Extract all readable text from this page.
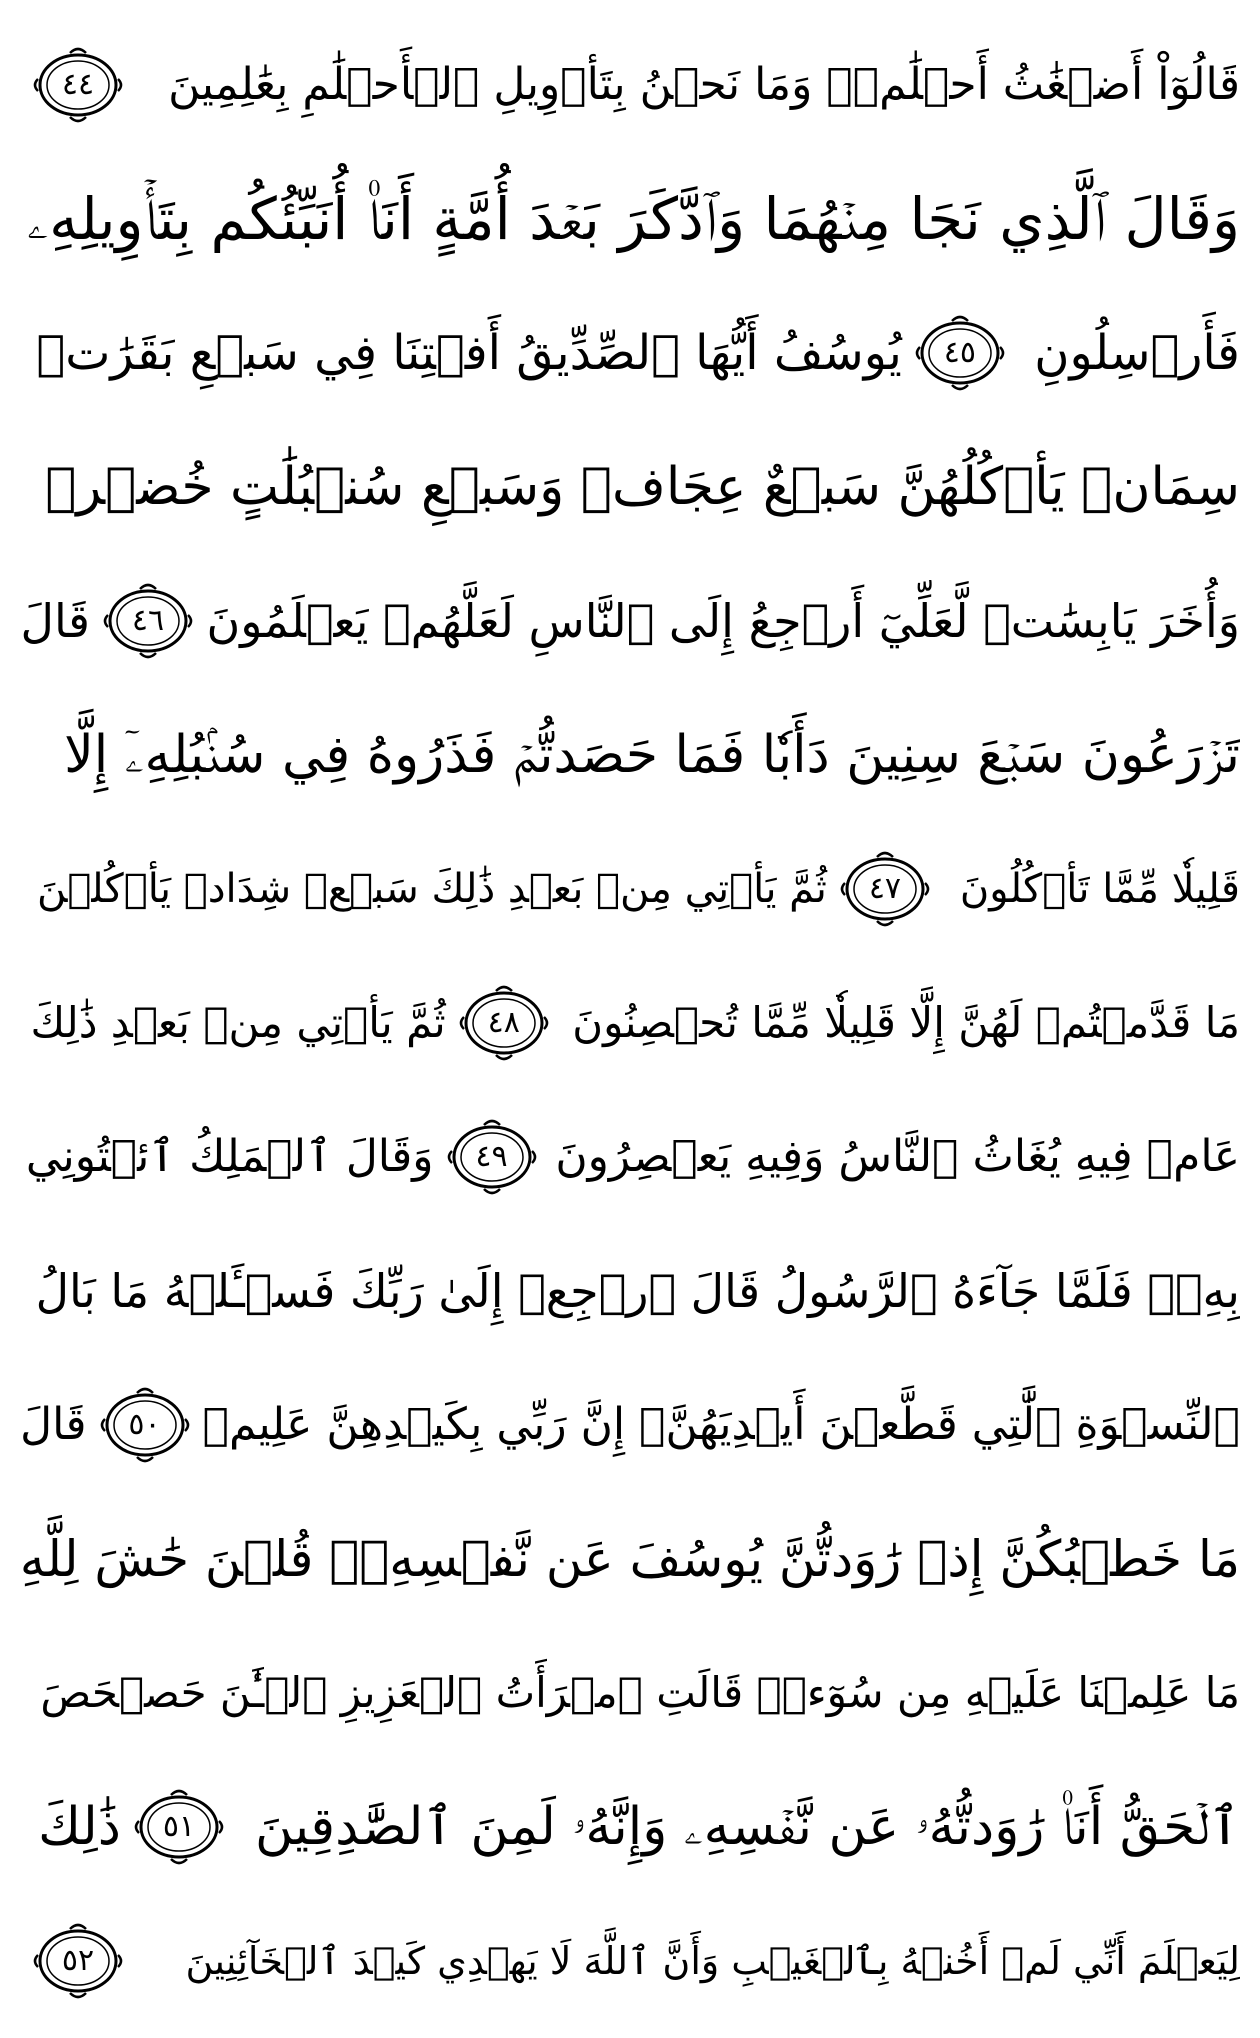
قَالُوٓاْ أَضۡغَٰثُ أَحۡلَٰمٖۖ وَمَا نَحۡنُ بِتَأۡوِيلِ ٱلۡأَحۡلَٰمِ بِعَٰلِمِينَ
٤٤
وَقَالَ ٱلَّذِي نَجَا مِنۡهُمَا وَٱدَّكَرَ بَعۡدَ أُمَّةٍ أَنَا۠ أُنَبِّئُكُم بِتَأۡوِيلِهِۦ
فَأَرۡسِلُونِ
٤٥
يُوسُفُ أَيُّهَا ٱلصِّدِّيقُ أَفۡتِنَا فِي سَبۡعِ بَقَرَٰتٖ
سِمَانٖ يَأۡكُلُهُنَّ سَبۡعٌ عِجَافٞ وَسَبۡعِ سُنۢبُلَٰتٍ خُضۡرٖ
وَأُخَرَ يَابِسَٰتٖ لَّعَلِّيٓ أَرۡجِعُ إِلَى ٱلنَّاسِ لَعَلَّهُمۡ يَعۡلَمُونَ
٤٦
قَالَ
تَزۡرَعُونَ سَبۡعَ سِنِينَ دَأَبٗا فَمَا حَصَدتُّمۡ فَذَرُوهُ فِي سُنۢبُلِهِۦٓ إِلَّا
قَلِيلٗا مِّمَّا تَأۡكُلُونَ
٤٧
ثُمَّ يَأۡتِي مِنۢ بَعۡدِ ذَٰلِكَ سَبۡعٞ شِدَادٞ يَأۡكُلۡنَ
مَا قَدَّمۡتُمۡ لَهُنَّ إِلَّا قَلِيلٗا مِّمَّا تُحۡصِنُونَ
٤٨
ثُمَّ يَأۡتِي مِنۢ بَعۡدِ ذَٰلِكَ
عَامٞ فِيهِ يُغَاثُ ٱلنَّاسُ وَفِيهِ يَعۡصِرُونَ
٤٩
وَقَالَ ٱلۡمَلِكُ ٱئۡتُونِي
بِهِۦۖ فَلَمَّا جَآءَهُ ٱلرَّسُولُ قَالَ ٱرۡجِعۡ إِلَىٰ رَبِّكَ فَسۡـَٔلۡهُ مَا بَالُ
ٱلنِّسۡوَةِ ٱلَّٰتِي قَطَّعۡنَ أَيۡدِيَهُنَّۚ إِنَّ رَبِّي بِكَيۡدِهِنَّ عَلِيمٞ
٥٠
قَالَ
مَا خَطۡبُكُنَّ إِذۡ رَٰوَدتُّنَّ يُوسُفَ عَن نَّفۡسِهِۦۚ قُلۡنَ حَٰشَ لِلَّهِ
مَا عَلِمۡنَا عَلَيۡهِ مِن سُوٓءٖۚ قَالَتِ ٱمۡرَأَتُ ٱلۡعَزِيزِ ٱلۡـَٰٔنَ حَصۡحَصَ
ٱلۡحَقُّ أَنَا۠ رَٰوَدتُّهُۥ عَن نَّفۡسِهِۦ وَإِنَّهُۥ لَمِنَ ٱلصَّٰدِقِينَ
٥١
ذَٰلِكَ
لِيَعۡلَمَ أَنِّي لَمۡ أَخُنۡهُ بِٱلۡغَيۡبِ وَأَنَّ ٱللَّهَ لَا يَهۡدِي كَيۡدَ ٱلۡخَآئِنِينَ
٥٢
